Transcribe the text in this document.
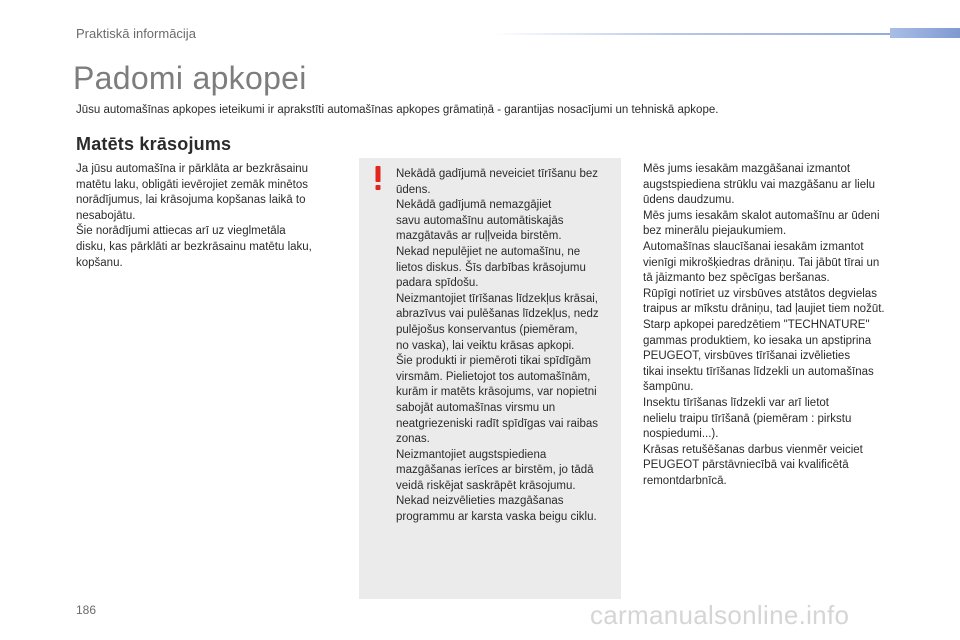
Praktiskā informācija
Padomi apkopei

Jūsu automašīnas apkopes ieteikumi ir aprakstīti automašīnas apkopes grāmatiņā - garantijas nosacījumi un tehniskā apkope.

Matēts krāsojums
Ja jūsu automašīna ir pārklāta ar bezkrāsainu
matētu laku, obligāti ievērojiet zemāk minētos
norādījumus, lai krāsojuma kopšanas laikā to
nesabojātu.
Šie norādījumi attiecas arī uz vieglmetāla
disku, kas pārklāti ar bezkrāsainu matētu laku,
kopšanu.
Nekādā gadījumā neveiciet tīrīšanu bez
ūdens.
Nekādā gadījumā nemazgājiet
savu automašīnu automātiskajās
mazgātavās ar ruļļveida birstēm.
Nekad nepulējiet ne automašīnu, ne
lietos diskus. Šīs darbības krāsojumu
padara spīdošu.
Neizmantojiet tīrīšanas līdzekļus krāsai,
abrazīvus vai pulēšanas līdzekļus, nedz
pulējošus konservantus (piemēram,
no vaska), lai veiktu krāsas apkopi.
Šie produkti ir piemēroti tikai spīdīgām
virsmām. Pielietojot tos automašīnām,
kurām ir matēts krāsojums, var nopietni
sabojāt automašīnas virsmu un
neatgriezeniski radīt spīdīgas vai raibas
zonas.
Neizmantojiet augstspiediena
mazgāšanas ierīces ar birstēm, jo tādā
veidā riskējat saskrāpēt krāsojumu.
Nekad neizvēlieties mazgāšanas
programmu ar karsta vaska beigu ciklu.
Mēs jums iesakām mazgāšanai izmantot
augstspiediena strūklu vai mazgāšanu ar lielu
ūdens daudzumu.
Mēs jums iesakām skalot automašīnu ar ūdeni
bez minerālu piejaukumiem.
Automašīnas slaucīšanai iesakām izmantot
vienīgi mikrošķiedras drāniņu. Tai jābūt tīrai un
tā jāizmanto bez spēcīgas beršanas.
Rūpīgi notīriet uz virsbūves atstātos degvielas
traipus ar mīkstu drāniņu, tad ļaujiet tiem nožūt.
Starp apkopei paredzētiem "TECHNATURE"
gammas produktiem, ko iesaka un apstiprina
PEUGEOT, virsbūves tīrīšanai izvēlieties
tikai insektu tīrīšanas līdzekli un automašīnas
šampūnu.
Insektu tīrīšanas līdzekli var arī lietot
nelielu traipu tīrīšanā (piemēram : pirkstu
nospiedumi...).
Krāsas retušēšanas darbus vienmēr veiciet
PEUGEOT pārstāvniecībā vai kvalificētā
remontdarbnīcā.
186	carmanualsonline.info
